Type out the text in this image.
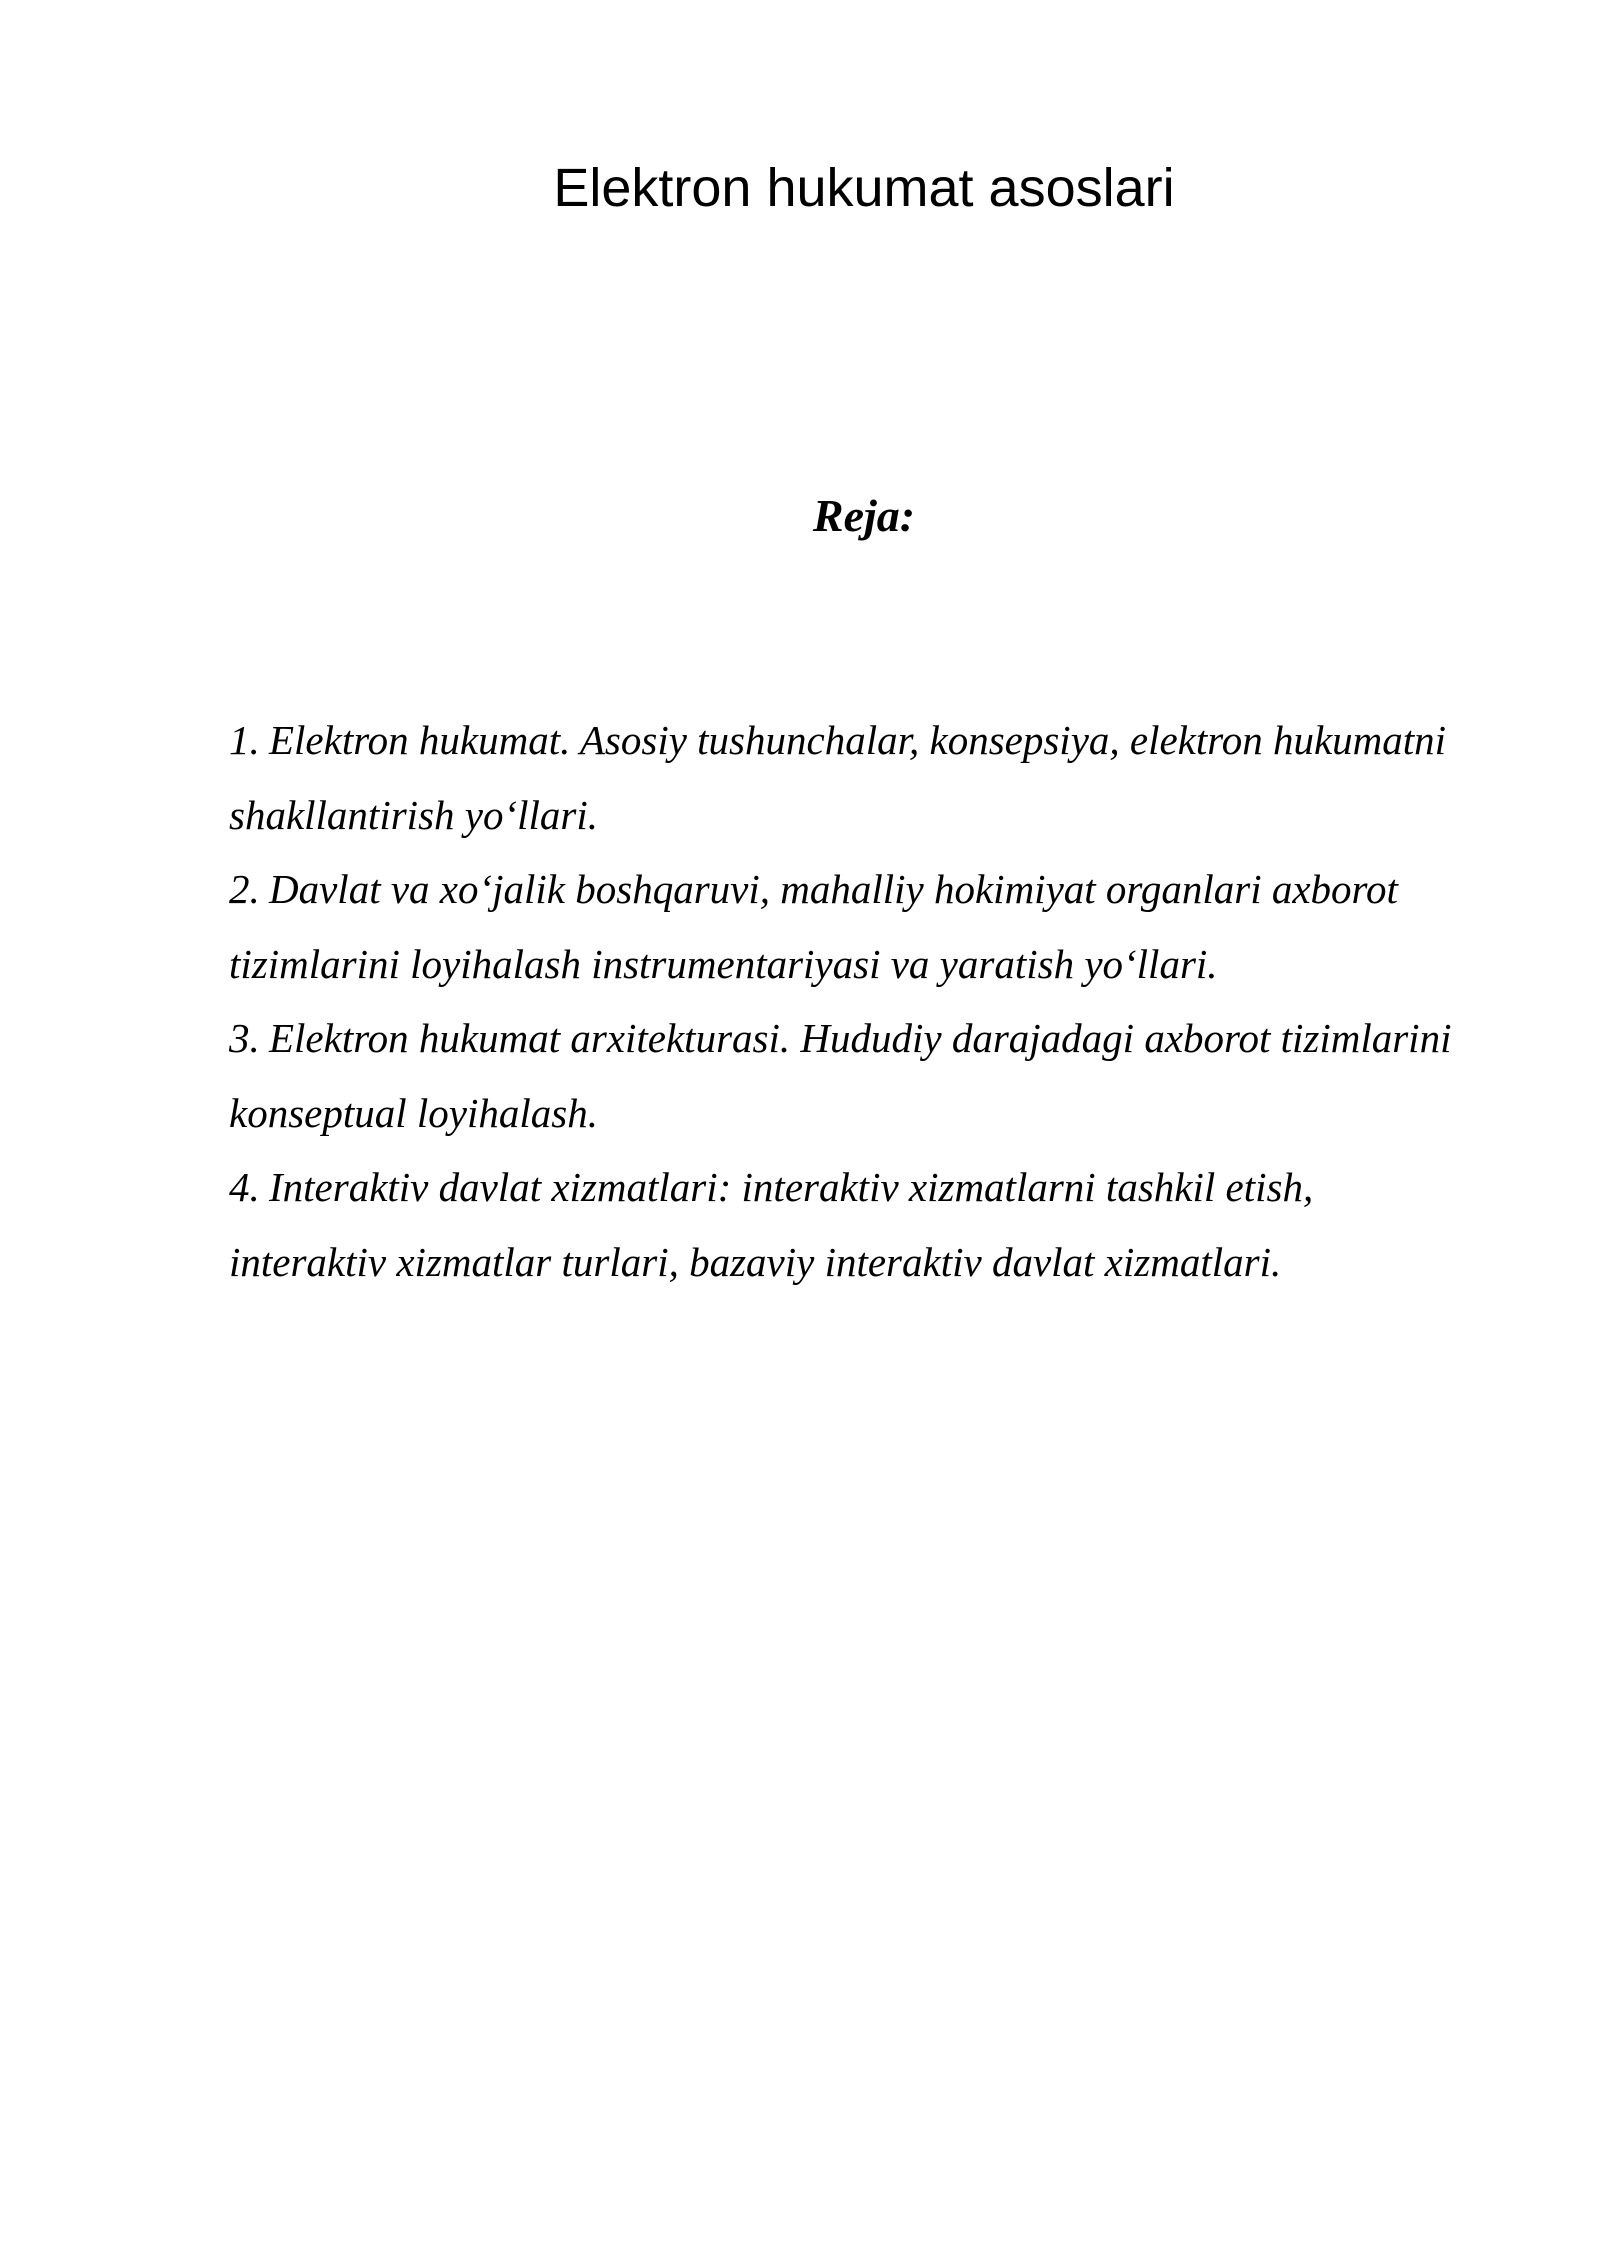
Elektron hukumat asoslari
Reja:
1. Elektron hukumat. Asosiy tushunchalar, konsepsiya, elektron hukumatni shakllantirish yo‘llari.
2. Davlat va xo‘jalik boshqaruvi, mahalliy hokimiyat organlari axborot tizimlarini loyihalash instrumentariyasi va yaratish yo‘llari.
3. Elektron hukumat arxitekturasi. Hududiy darajadagi axborot tizimlarini konseptual loyihalash.
4. Interaktiv davlat xizmatlari: interaktiv xizmatlarni tashkil etish, interaktiv xizmatlar turlari, bazaviy interaktiv davlat xizmatlari.
